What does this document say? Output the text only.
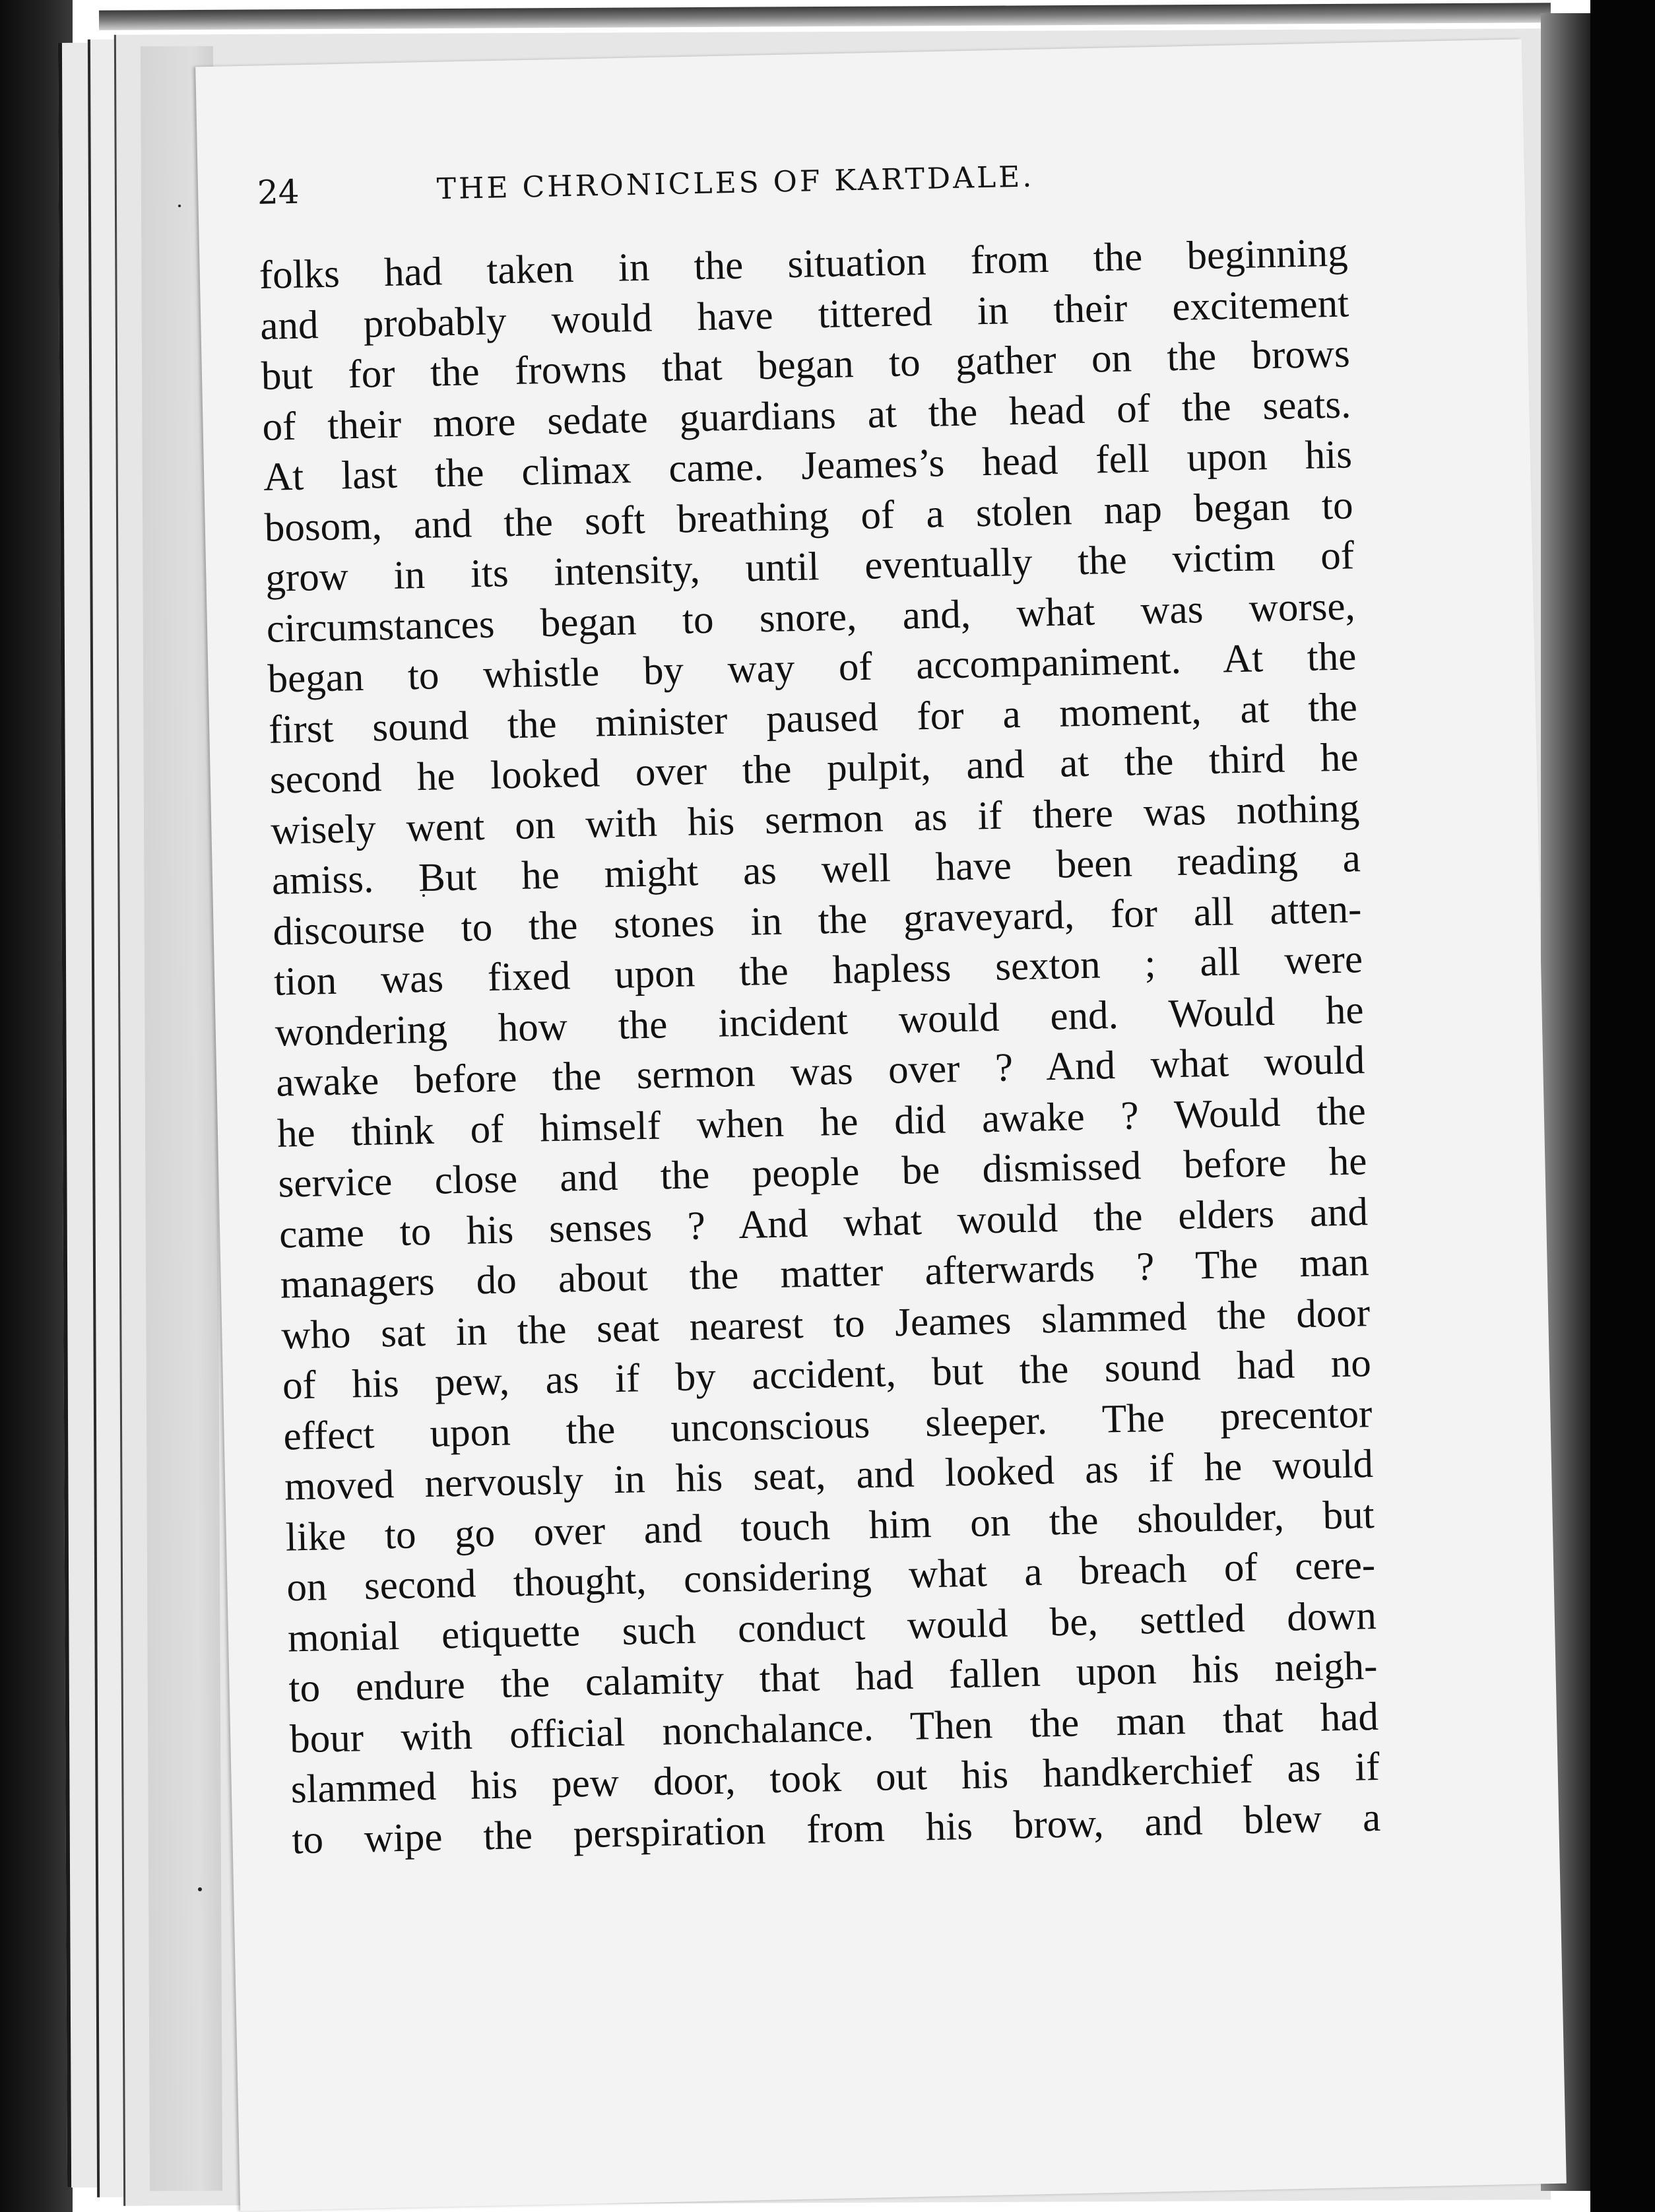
24	THE CHRONICLES OF KARTDALE.
folks had taken in the situation from the beginning
and probably would have tittered in their excitement
but for the frowns that began to gather on the brows
of their more sedate guardians at the head of the seats.
At last the climax came. Jeames’s head fell upon his
bosom, and the soft breathing of a stolen nap began to
grow in its intensity, until eventually the victim of
circumstances began to snore, and, what was worse,
began to whistle by way of accompaniment. At the
first sound the minister paused for a moment, at the
second he looked over the pulpit, and at the third he
wisely went on with his sermon as if there was nothing
amiss. But he might as well have been reading a
discourse to the stones in the graveyard, for all atten-
tion was fixed upon the hapless sexton ; all were
wondering how the incident would end. Would he
awake before the sermon was over ? And what would
he think of himself when he did awake ? Would the
service close and the people be dismissed before he
came to his senses ? And what would the elders and
managers do about the matter afterwards ? The man
who sat in the seat nearest to Jeames slammed the door
of his pew, as if by accident, but the sound had no
effect upon the unconscious sleeper. The precentor
moved nervously in his seat, and looked as if he would
like to go over and touch him on the shoulder, but
on second thought, considering what a breach of cere-
monial etiquette such conduct would be, settled down
to endure the calamity that had fallen upon his neigh-
bour with official nonchalance. Then the man that had
slammed his pew door, took out his handkerchief as if
to wipe the perspiration from his brow, and blew a
